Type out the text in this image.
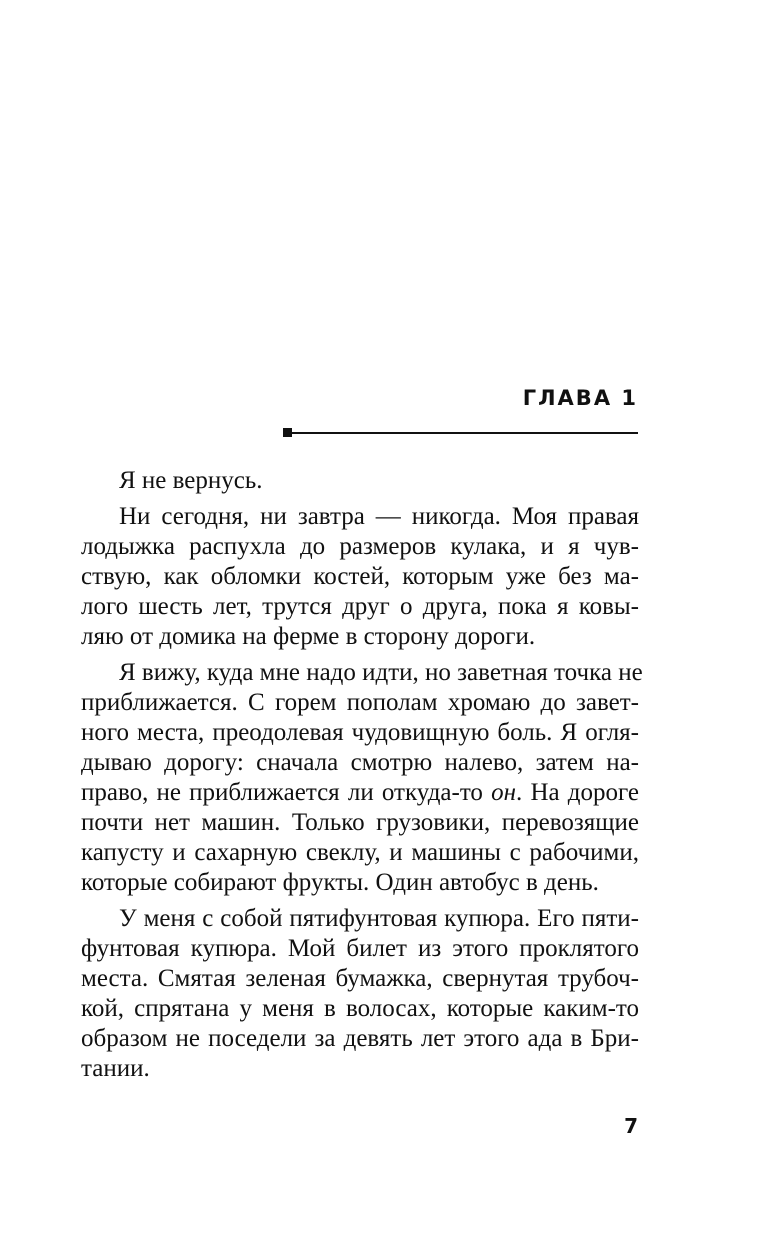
ГЛАВА 1

Я не вернусь.

Ни сегодня, ни завтра — никогда. Моя правая
лодыжка распухла до размеров кулака, и я чув-
ствую, как обломки костей, которым уже без ма-
лого шесть лет, трутся друг о друга, пока я ковы-
ляю от домика на ферме в сторону дороги.

Я вижу, куда мне надо идти, но заветная точка не
приближается. С горем пополам хромаю до завет-
ного места, преодолевая чудовищную боль. Я огля-
дываю дорогу: сначала смотрю налево, затем на-
право, не приближается ли откуда-то он. На дороге
почти нет машин. Только грузовики, перевозящие
капусту и сахарную свеклу, и машины с рабочими,
которые собирают фрукты. Один автобус в день.

У меня с собой пятифунтовая купюра. Его пяти-
фунтовая купюра. Мой билет из этого проклятого
места. Смятая зеленая бумажка, свернутая трубоч-
кой, спрятана у меня в волосах, которые каким-то
образом не поседели за девять лет этого ада в Бри-
тании.

7
